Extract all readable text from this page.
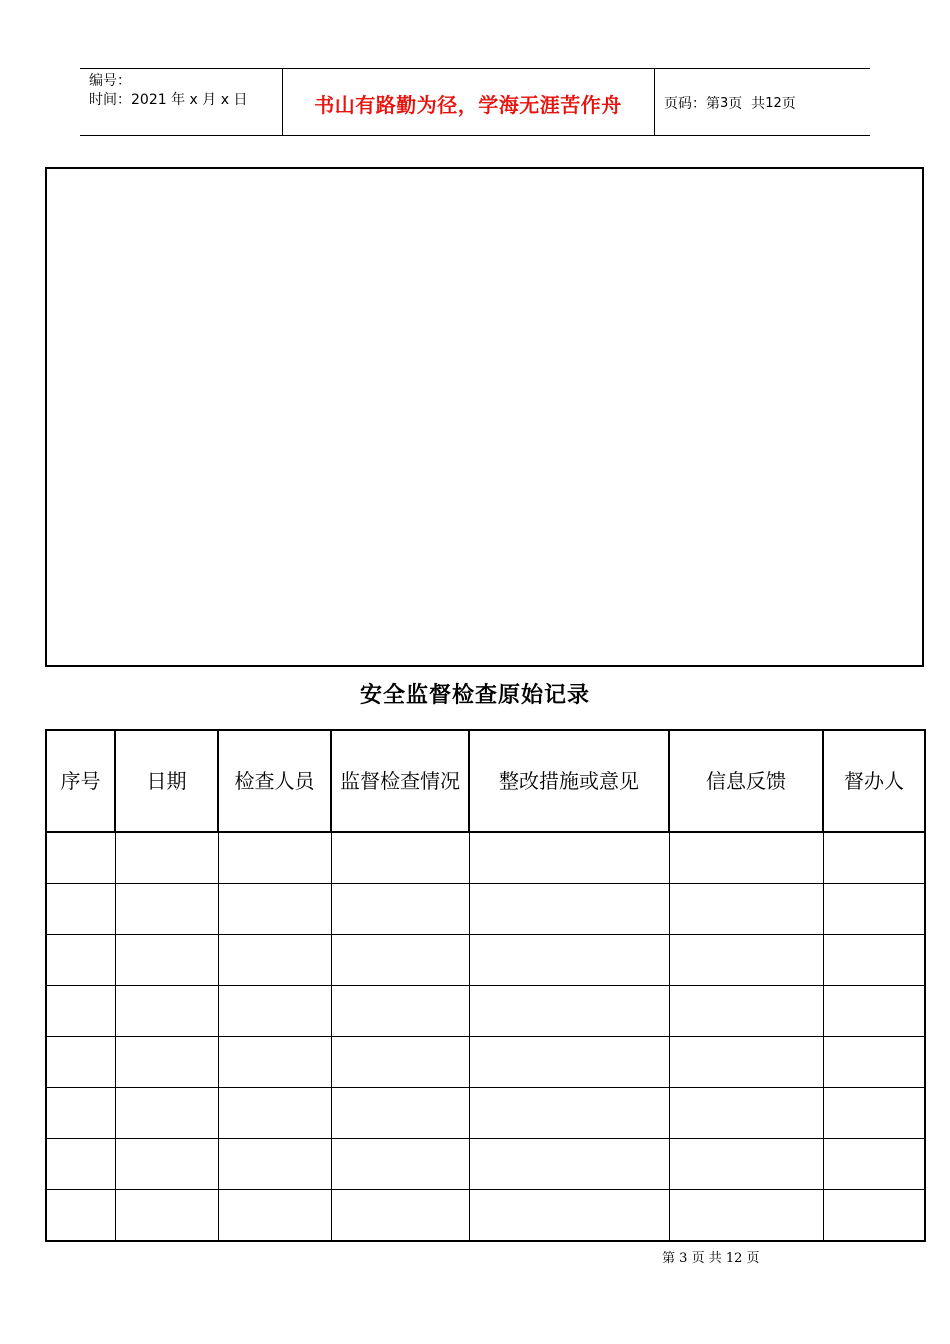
编号：
时间：2021 年 x 月 x 日	书山有路勤为径，学海无涯苦作舟	页码：第 3 页  共 12 页
安全监督检查原始记录
序号	日期	检查人员	监督检查情况	整改措施或意见	信息反馈	督办人

第 3 页 共 12 页
